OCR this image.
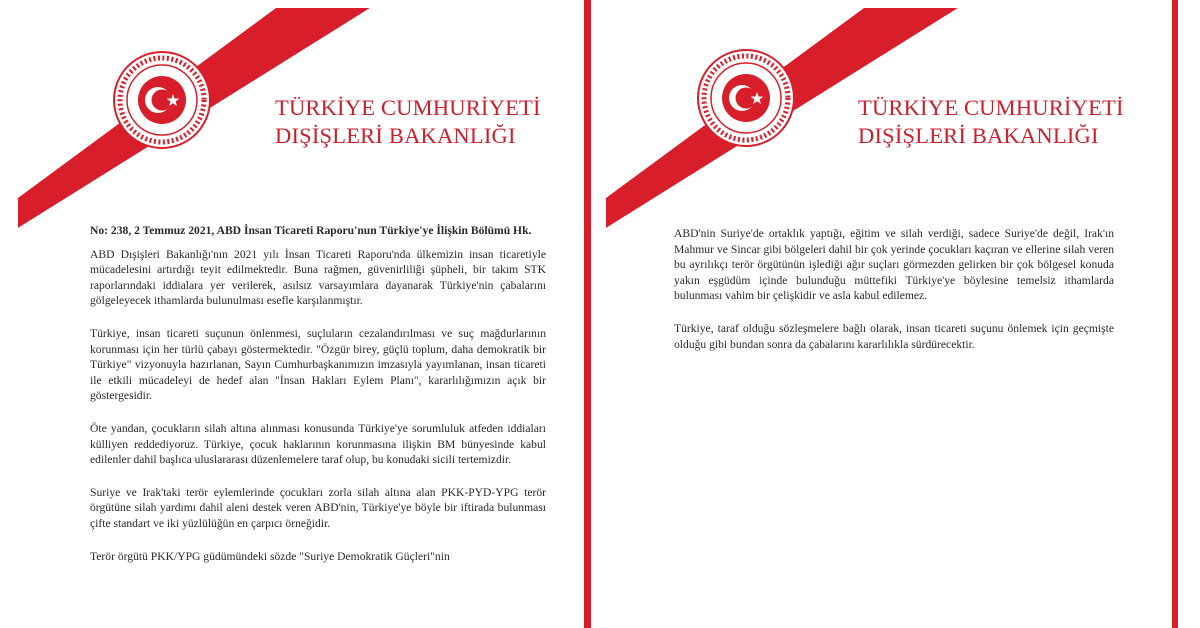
TÜRKİYE CUMHURİYETİ
DIŞİŞLERİ BAKANLIĞI

No: 238, 2 Temmuz 2021, ABD İnsan Ticareti Raporu'nun Türkiye'ye İlişkin Bölümü Hk.

ABD Dışişleri Bakanlığı'nın 2021 yılı İnsan Ticareti Raporu'nda ülkemizin insan ticaretiyle mücadelesini artırdığı teyit edilmektedir. Buna rağmen, güvenirliliği şüpheli, bir takım STK raporlarındaki iddialara yer verilerek, asılsız varsayımlara dayanarak Türkiye'nin çabalarını gölgeleyecek ithamlarda bulunulması esefle karşılanmıştır.

Türkiye, insan ticareti suçunun önlenmesi, suçluların cezalandırılması ve suç mağdurlarının korunması için her türlü çabayı göstermektedir. "Özgür birey, güçlü toplum, daha demokratik bir Türkiye" vizyonuyla hazırlanan, Sayın Cumhurbaşkanımızın imzasıyla yayımlanan, insan ticareti ile etkili mücadeleyi de hedef alan "İnsan Hakları Eylem Planı", kararlılığımızın açık bir göstergesidir.

Öte yandan, çocukların silah altına alınması konusunda Türkiye'ye sorumluluk atfeden iddiaları külliyen reddediyoruz. Türkiye, çocuk haklarının korunmasına ilişkin BM bünyesinde kabul edilenler dahil başlıca uluslararası düzenlemelere taraf olup, bu konudaki sicili tertemizdir.

Suriye ve Irak'taki terör eylemlerinde çocukları zorla silah altına alan PKK-PYD-YPG terör örgütüne silah yardımı dahil aleni destek veren ABD'nin, Türkiye'ye böyle bir iftirada bulunması çifte standart ve iki yüzlülüğün en çarpıcı örneğidir.

Terör örgütü PKK/YPG güdümündeki sözde "Suriye Demokratik Güçleri"nin

TÜRKİYE CUMHURİYETİ
DIŞİŞLERİ BAKANLIĞI

ABD'nin Suriye'de ortaklık yaptığı, eğitim ve silah verdiği, sadece Suriye'de değil, Irak'ın Mahmur ve Sincar gibi bölgeleri dahil bir çok yerinde çocukları kaçıran ve ellerine silah veren bu ayrılıkçı terör örgütünün işlediği ağır suçları görmezden gelirken bir çok bölgesel konuda yakın eşgüdüm içinde bulunduğu müttefiki Türkiye'ye böylesine temelsiz ithamlarda bulunması vahim bir çelişkidir ve asla kabul edilemez.

Türkiye, taraf olduğu sözleşmelere bağlı olarak, insan ticareti suçunu önlemek için geçmişte olduğu gibi bundan sonra da çabalarını kararlılıkla sürdürecektir.
